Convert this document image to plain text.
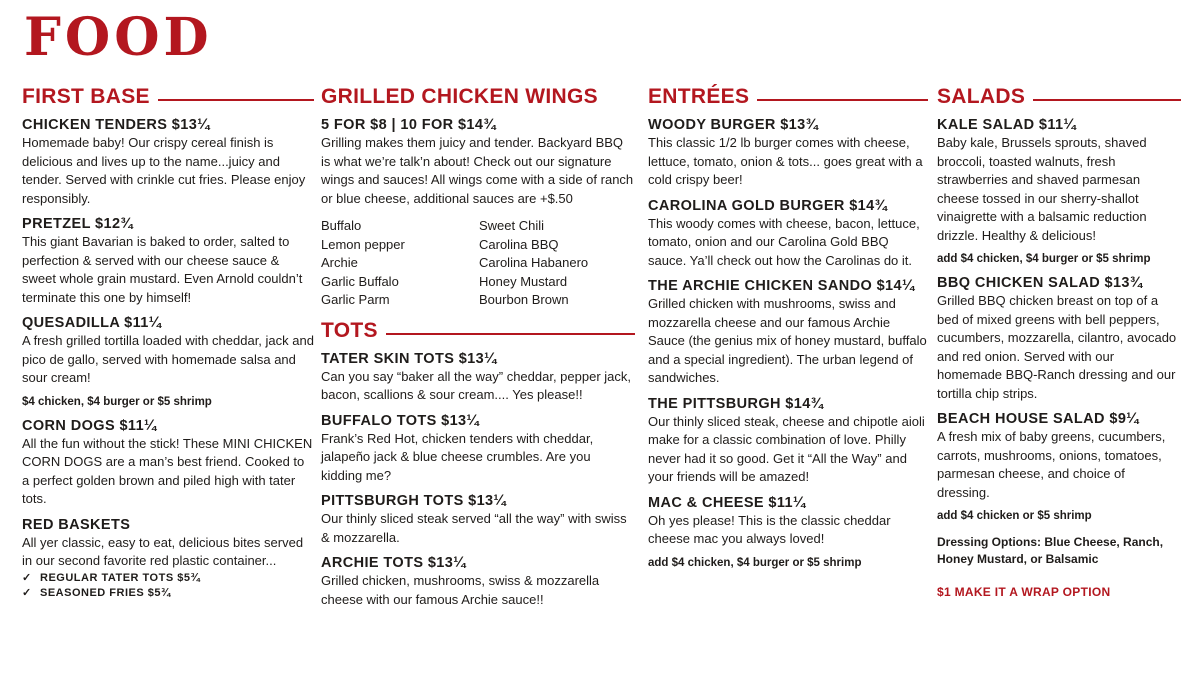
FOOD
FIRST BASE
CHICKEN TENDERS $13¼
Homemade baby! Our crispy cereal finish is delicious and lives up to the name...juicy and tender. Served with crinkle cut fries. Please enjoy responsibly.
PRETZEL $12¾
This giant Bavarian is baked to order, salted to perfection & served with our cheese sauce & sweet whole grain mustard. Even Arnold couldn’t terminate this one by himself!
QUESADILLA $11¼
A fresh grilled tortilla loaded with cheddar, jack and pico de gallo, served with homemade salsa and sour cream!
$4 chicken, $4 burger or $5 shrimp
CORN DOGS $11¼
All the fun without the stick! These MINI CHICKEN CORN DOGS are a man’s best friend. Cooked to a perfect golden brown and piled high with tater tots.
RED BASKETS
All yer classic, easy to eat, delicious bites served in our second favorite red plastic container...
✓ REGULAR TATER TOTS $5¾
✓ SEASONED FRIES $5¾
GRILLED CHICKEN WINGS
5 FOR $8 | 10 FOR $14¾
Grilling makes them juicy and tender. Backyard BBQ is what we’re talk’n about! Check out our signature wings and sauces! All wings come with a side of ranch or blue cheese, additional sauces are +$.50
Buffalo
Lemon pepper
Archie
Garlic Buffalo
Garlic Parm
Sweet Chili
Carolina BBQ
Carolina Habanero
Honey Mustard
Bourbon Brown
TOTS
TATER SKIN TOTS $13¼
Can you say “baker all the way” cheddar, pepper jack, bacon, scallions & sour cream.... Yes please!!
BUFFALO TOTS $13¼
Frank’s Red Hot, chicken tenders with cheddar, jalapeño jack & blue cheese crumbles. Are you kidding me?
PITTSBURGH TOTS $13¼
Our thinly sliced steak served “all the way” with swiss & mozzarella.
ARCHIE TOTS $13¼
Grilled chicken, mushrooms, swiss & mozzarella cheese with our famous Archie sauce!!
ENTRÉES
WOODY BURGER $13¾
This classic 1/2 lb burger comes with cheese, lettuce, tomato, onion & tots... goes great with a cold crispy beer!
CAROLINA GOLD BURGER $14¾
This woody comes with cheese, bacon, lettuce, tomato, onion and our Carolina Gold BBQ sauce. Ya’ll check out how the Carolinas do it.
THE ARCHIE CHICKEN SANDO $14¼
Grilled chicken with mushrooms, swiss and mozzarella cheese and our famous Archie Sauce (the genius mix of honey mustard, buffalo and a special ingredient). The urban legend of sandwiches.
THE PITTSBURGH $14¾
Our thinly sliced steak, cheese and chipotle aioli make for a classic combination of love. Philly never had it so good. Get it “All the Way” and your friends will be amazed!
MAC & CHEESE $11¼
Oh yes please! This is the classic cheddar cheese mac you always loved!
add $4 chicken, $4 burger or $5 shrimp
SALADS
KALE SALAD $11¼
Baby kale, Brussels sprouts, shaved broccoli, toasted walnuts, fresh strawberries and shaved parmesan cheese tossed in our sherry-shallot vinaigrette with a balsamic reduction drizzle. Healthy & delicious!
add $4 chicken, $4 burger or $5 shrimp
BBQ CHICKEN SALAD $13¾
Grilled BBQ chicken breast on top of a bed of mixed greens with bell peppers, cucumbers, mozzarella, cilantro, avocado and red onion. Served with our homemade BBQ-Ranch dressing and our tortilla chip strips.
BEACH HOUSE SALAD $9¼
A fresh mix of baby greens, cucumbers, carrots, mushrooms, onions, tomatoes, parmesan cheese, and choice of dressing.
add $4 chicken or $5 shrimp
Dressing Options: Blue Cheese, Ranch, Honey Mustard, or Balsamic
$1 MAKE IT A WRAP OPTION
